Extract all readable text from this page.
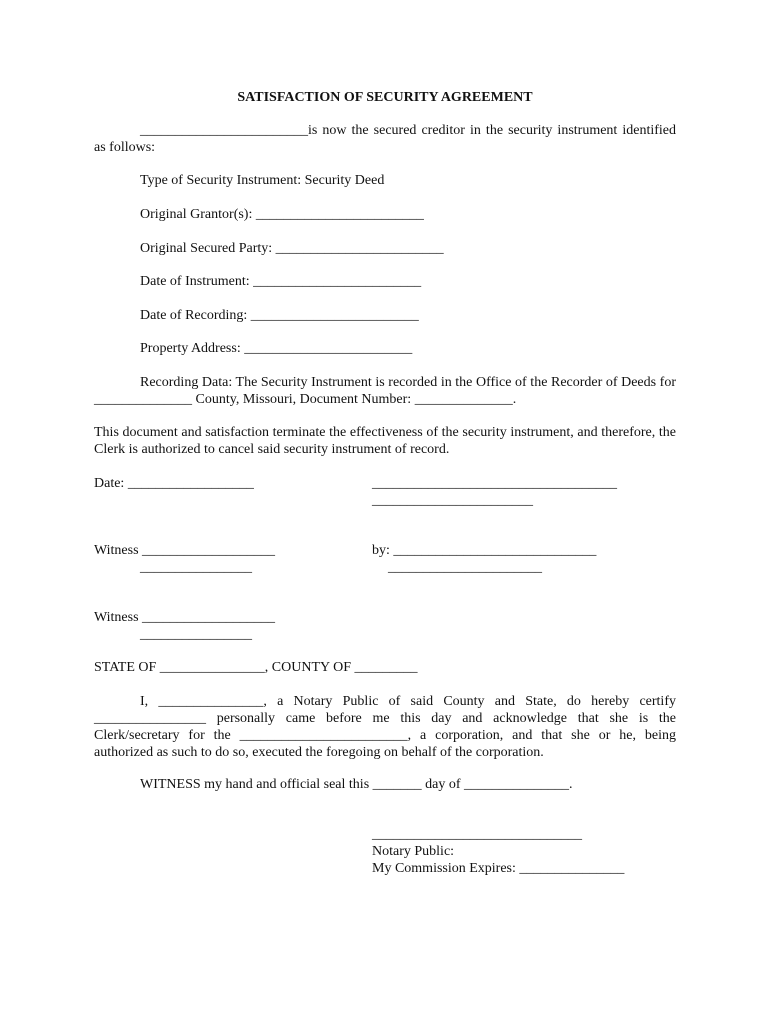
SATISFACTION OF SECURITY AGREEMENT

________________________is now the secured creditor in the security instrument identified as follows:

Type of Security Instrument: Security Deed
Original Grantor(s): ________________________
Original Secured Party: ________________________
Date of Instrument: ________________________
Date of Recording: ________________________
Property Address: ________________________

Recording Data: The Security Instrument is recorded in the Office of the Recorder of Deeds for ______________ County, Missouri, Document Number: ______________.

This document and satisfaction terminate the effectiveness of the security instrument, and therefore, the Clerk is authorized to cancel said security instrument of record.

Date: __________________	___________________________________
_______________________
Witness ___________________
________________
by: _____________________________
______________________
Witness ___________________
________________
STATE OF _______________, COUNTY OF _________

I, _______________, a Notary Public of said County and State, do hereby certify ________________ personally came before me this day and acknowledge that she is the Clerk/secretary for the ________________________, a corporation, and that she or he, being authorized as such to do so, executed the foregoing on behalf of the corporation.

WITNESS my hand and official seal this _______ day of _______________.
______________________________
Notary Public:
My Commission Expires: _______________
